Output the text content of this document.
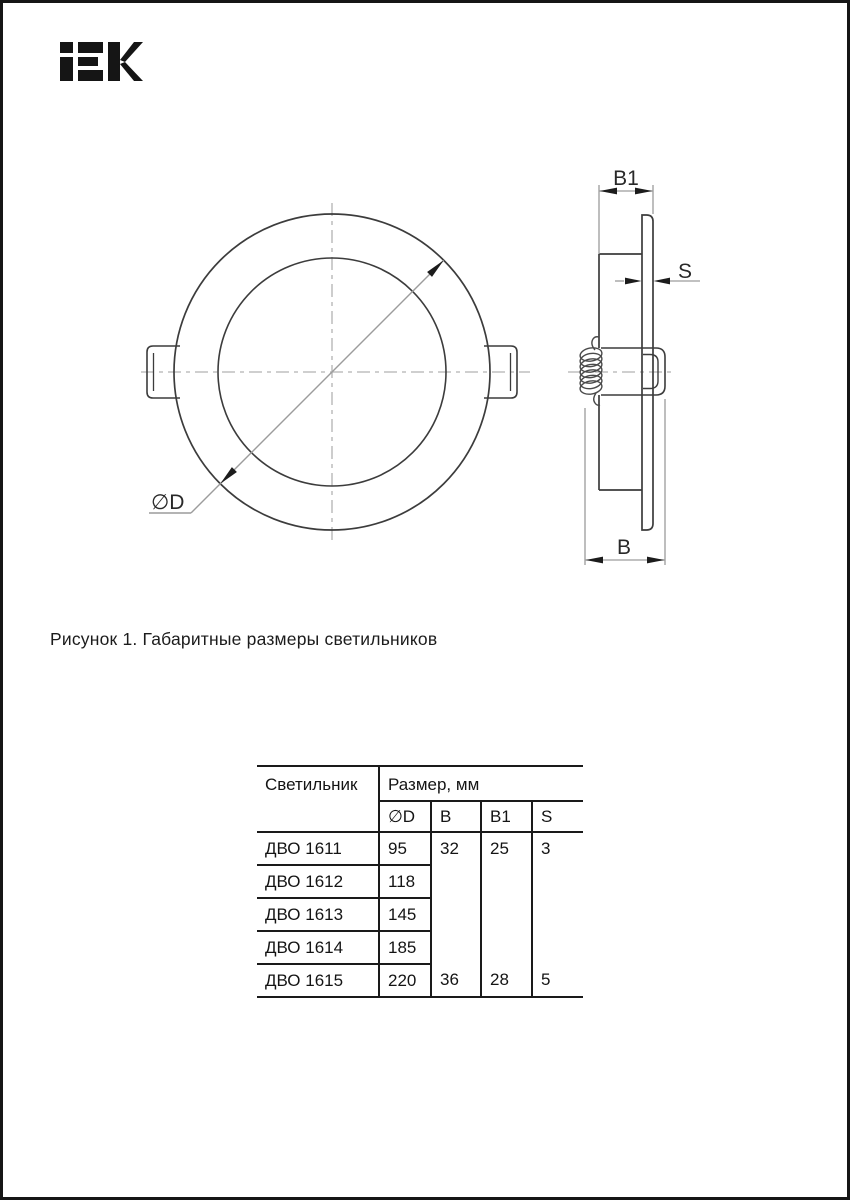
∅D
B1
S
B
Рисунок 1. Габаритные размеры светильников
Светильник	Размер, мм			
	∅D	B	B1	S
ДВО 1611	95	32	25	3
ДВО 1612	118			
ДВО 1613	145			
ДВО 1614	185			
ДВО 1615	220	36	28	5
